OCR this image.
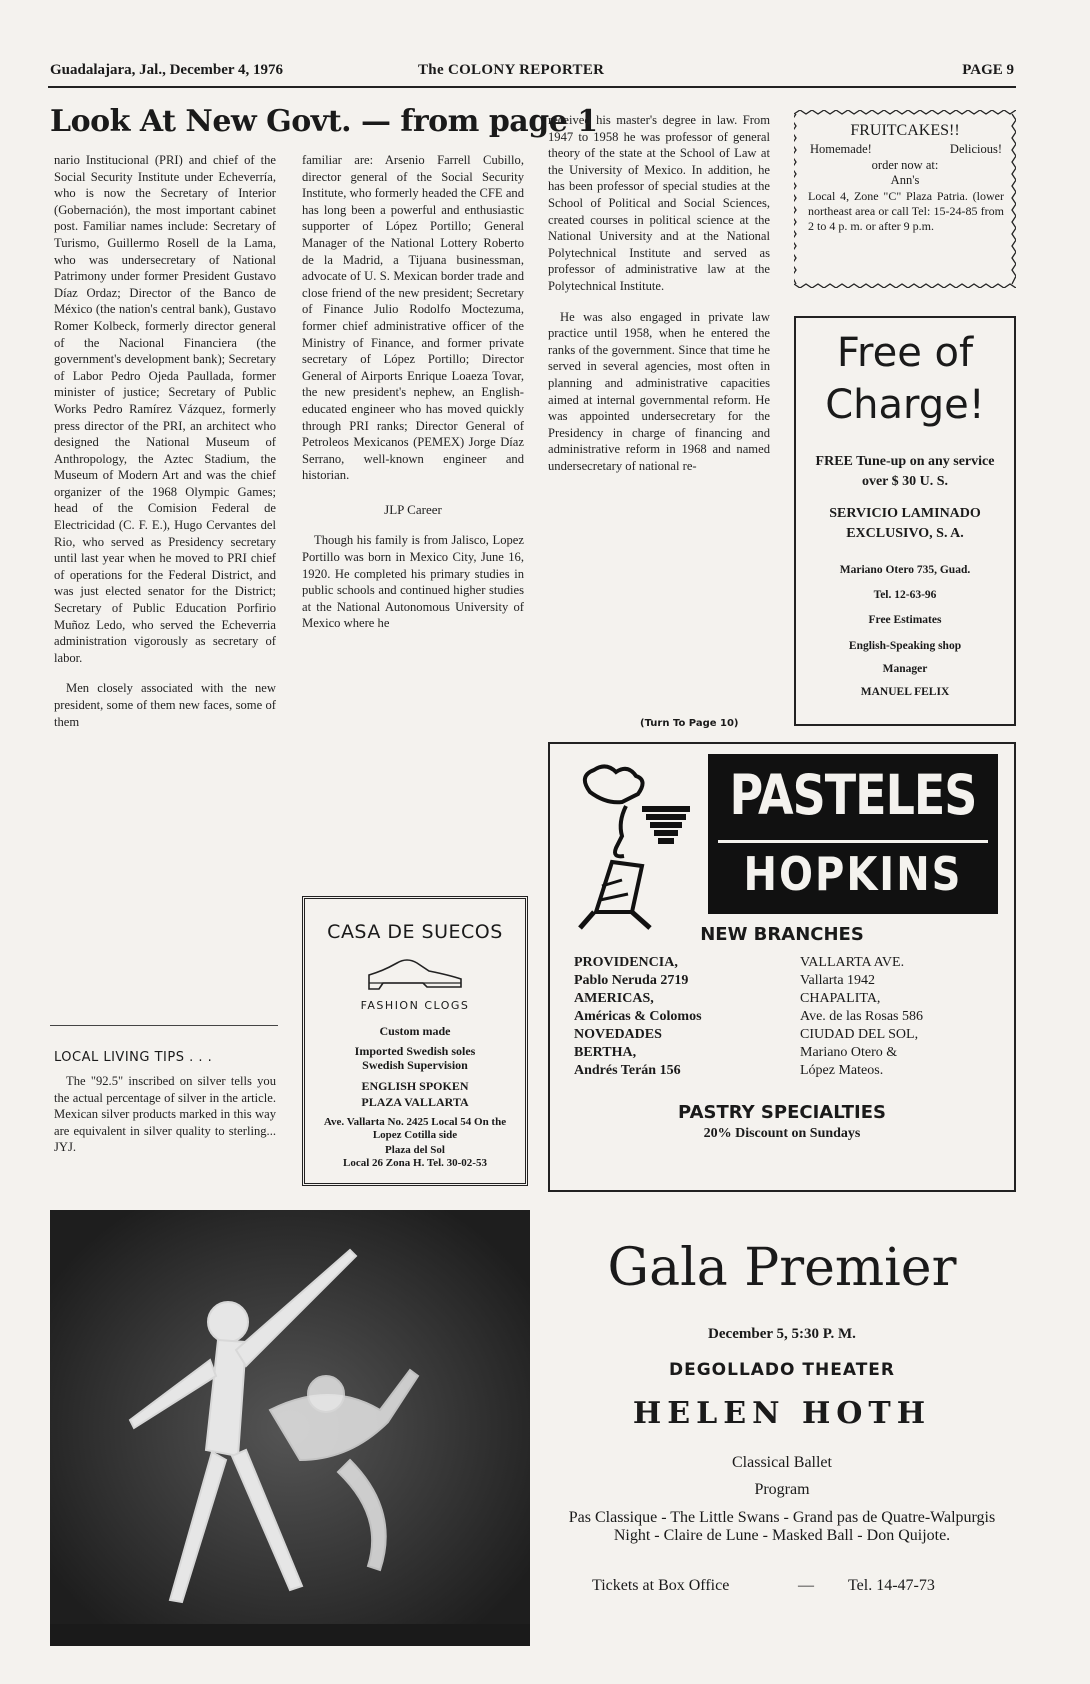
Guadalajara, Jal., December 4, 1976	The COLONY REPORTER	PAGE 9
Look At New Govt. — from page 1

nario Institucional (PRI) and chief of the Social Security Institute under Echeverría, who is now the Secretary of Interior (Gobernación), the most important cabinet post. Familiar names include: Secretary of Turismo, Guillermo Rosell de la Lama, who was undersecretary of National Patrimony under former President Gustavo Díaz Ordaz; Director of the Banco de México (the nation's central bank), Gustavo Romer Kolbeck, formerly director general of the Nacional Financiera (the government's development bank); Secretary of Labor Pedro Ojeda Paullada, former minister of justice; Secretary of Public Works Pedro Ramírez Vázquez, formerly press director of the PRI, an architect who designed the National Museum of Anthropology, the Aztec Stadium, the Museum of Modern Art and was the chief organizer of the 1968 Olympic Games; head of the Comision Federal de Electricidad (C. F. E.), Hugo Cervantes del Rio, who served as Presidency secretary until last year when he moved to PRI chief of operations for the Federal District, and was just elected senator for the District; Secretary of Public Education Porfirio Muñoz Ledo, who served the Echeverria administration vigorously as secretary of labor.

Men closely associated with the new president, some of them new faces, some of them

LOCAL LIVING TIPS . . .

The "92.5" inscribed on silver tells you the actual percentage of silver in the article. Mexican silver products marked in this way are equivalent in silver quality to sterling... JYJ.

familiar are: Arsenio Farrell Cubillo, director general of the Social Security Institute, who formerly headed the CFE and has long been a powerful and enthusiastic supporter of López Portillo; General Manager of the National Lottery Roberto de la Madrid, a Tijuana businessman, advocate of U. S. Mexican border trade and close friend of the new president; Secretary of Finance Julio Rodolfo Moctezuma, former chief administrative officer of the Ministry of Finance, and former private secretary of López Portillo; Director General of Airports Enrique Loaeza Tovar, the new president's nephew, an English-educated engineer who has moved quickly through PRI ranks; Director General of Petroleos Mexicanos (PEMEX) Jorge Díaz Serrano, well-known engineer and historian.

JLP Career

Though his family is from Jalisco, Lopez Portillo was born in Mexico City, June 16, 1920. He completed his primary studies in public schools and continued higher studies at the National Autonomous University of Mexico where he

received his master's degree in law. From 1947 to 1958 he was professor of general theory of the state at the School of Law at the University of Mexico. In addition, he has been professor of special studies at the School of Political and Social Sciences, created courses in political science at the National University and at the National Polytechnical Institute and served as professor of administrative law at the Polytechnical Institute.

He was also engaged in private law practice until 1958, when he entered the ranks of the government. Since that time he served in several agencies, most often in planning and administrative capacities aimed at internal governmental reform. He was appointed undersecretary for the Presidency in charge of financing and administrative reform in 1968 and named undersecretary of national re-

(Turn To Page 10)
FRUITCAKES!!
Homemade!	Delicious!
order now at:
Ann's
Local 4, Zone "C" Plaza Patria. (lower northeast area or call Tel: 15-24-85 from 2 to 4 p. m. or after 9 p.m.
Free of
Charge!
FREE Tune-up on any service over $ 30 U. S.
SERVICIO LAMINADO EXCLUSIVO, S. A.
Mariano Otero 735, Guad.
Tel. 12-63-96
Free Estimates
English-Speaking shop
Manager
MANUEL FELIX
CASA DE SUECOS
FASHION CLOGS
Custom made
Imported Swedish soles
Swedish Supervision
ENGLISH SPOKEN
PLAZA VALLARTA
Ave. Vallarta No. 2425 Local 54 On the Lopez Cotilla side
Plaza del Sol
Local 26 Zona H. Tel. 30-02-53
PASTELES
HOPKINS
NEW BRANCHES
PROVIDENCIA,
Pablo Neruda 2719
AMERICAS,
Américas & Colomos
NOVEDADES
BERTHA,
Andrés Terán 156
VALLARTA AVE.
Vallarta 1942
CHAPALITA,
Ave. de las Rosas 586
CIUDAD DEL SOL,
Mariano Otero &
López Mateos.
PASTRY SPECIALTIES
20% Discount on Sundays
Gala Premier
December 5, 5:30 P. M.
DEGOLLADO THEATER
HELEN HOTH
Classical Ballet
Program
Pas Classique - The Little Swans - Grand pas de Quatre-Walpurgis Night - Claire de Lune - Masked Ball - Don Quijote.
Tickets at Box Office	— Tel. 14-47-73
